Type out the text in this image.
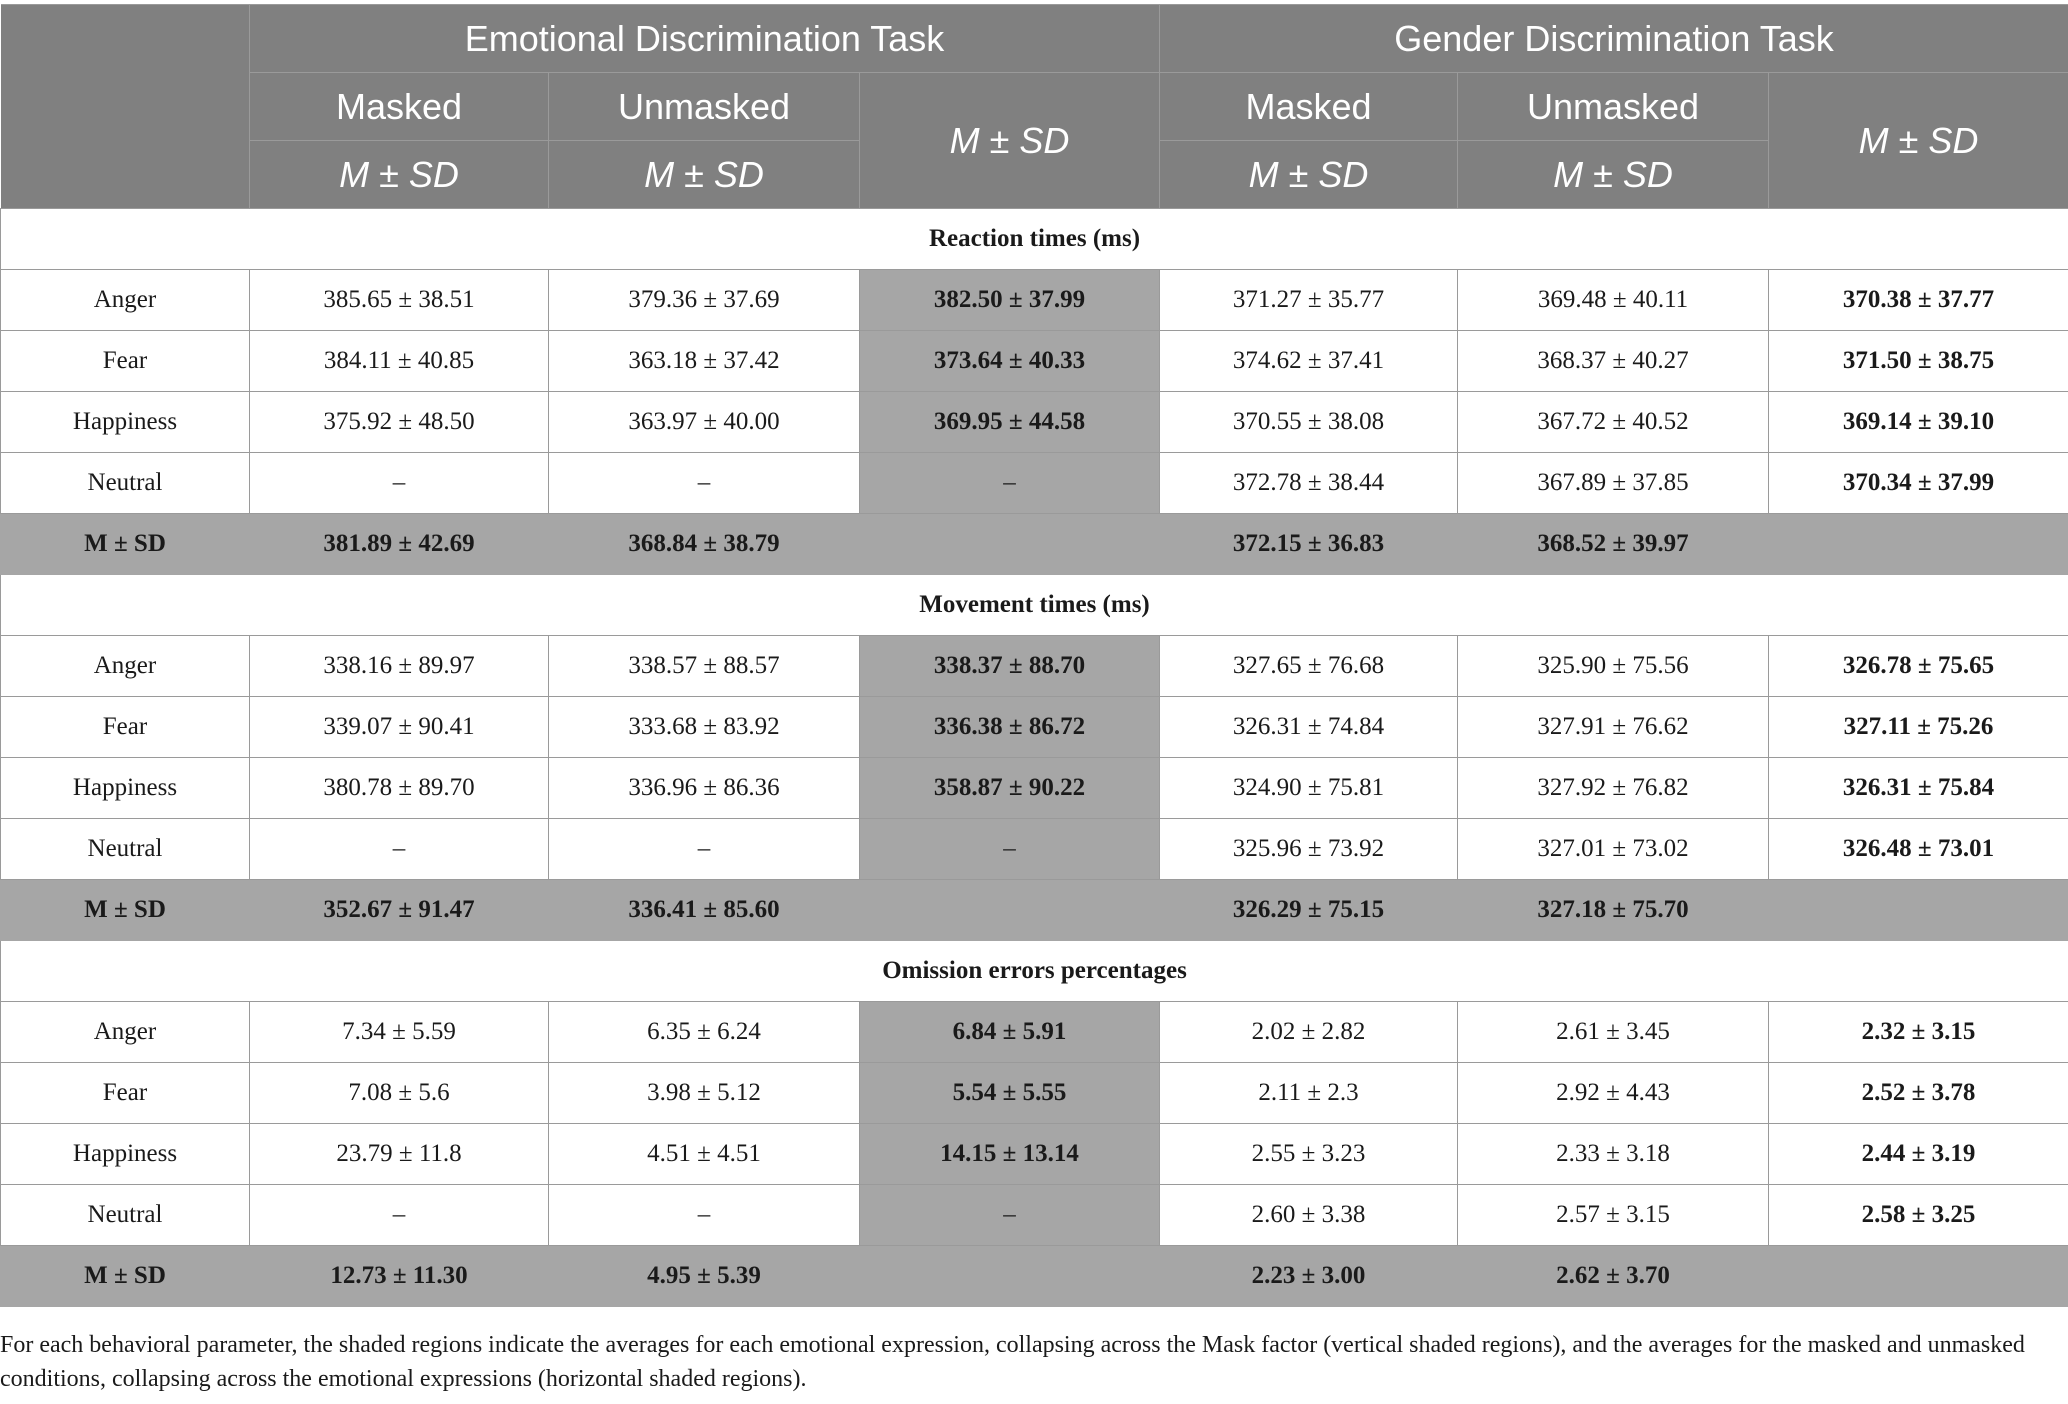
	Emotional Discrimination Task			Gender Discrimination Task		
	Masked	Unmasked	M ± SD	Masked	Unmasked	M ± SD
	M ± SD	M ± SD		M ± SD	M ± SD	
Reaction times (ms)						
Anger	385.65 ± 38.51	379.36 ± 37.69	382.50 ± 37.99	371.27 ± 35.77	369.48 ± 40.11	370.38 ± 37.77
Fear	384.11 ± 40.85	363.18 ± 37.42	373.64 ± 40.33	374.62 ± 37.41	368.37 ± 40.27	371.50 ± 38.75
Happiness	375.92 ± 48.50	363.97 ± 40.00	369.95 ± 44.58	370.55 ± 38.08	367.72 ± 40.52	369.14 ± 39.10
Neutral	–	–	–	372.78 ± 38.44	367.89 ± 37.85	370.34 ± 37.99
M ± SD	381.89 ± 42.69	368.84 ± 38.79		372.15 ± 36.83	368.52 ± 39.97	
Movement times (ms)						
Anger	338.16 ± 89.97	338.57 ± 88.57	338.37 ± 88.70	327.65 ± 76.68	325.90 ± 75.56	326.78 ± 75.65
Fear	339.07 ± 90.41	333.68 ± 83.92	336.38 ± 86.72	326.31 ± 74.84	327.91 ± 76.62	327.11 ± 75.26
Happiness	380.78 ± 89.70	336.96 ± 86.36	358.87 ± 90.22	324.90 ± 75.81	327.92 ± 76.82	326.31 ± 75.84
Neutral	–	–	–	325.96 ± 73.92	327.01 ± 73.02	326.48 ± 73.01
M ± SD	352.67 ± 91.47	336.41 ± 85.60		326.29 ± 75.15	327.18 ± 75.70	
Omission errors percentages						
Anger	7.34 ± 5.59	6.35 ± 6.24	6.84 ± 5.91	2.02 ± 2.82	2.61 ± 3.45	2.32 ± 3.15
Fear	7.08 ± 5.6	3.98 ± 5.12	5.54 ± 5.55	2.11 ± 2.3	2.92 ± 4.43	2.52 ± 3.78
Happiness	23.79 ± 11.8	4.51 ± 4.51	14.15 ± 13.14	2.55 ± 3.23	2.33 ± 3.18	2.44 ± 3.19
Neutral	–	–	–	2.60 ± 3.38	2.57 ± 3.15	2.58 ± 3.25
M ± SD	12.73 ± 11.30	4.95 ± 5.39		2.23 ± 3.00	2.62 ± 3.70	
For each behavioral parameter, the shaded regions indicate the averages for each emotional expression, collapsing across the Mask factor (vertical shaded regions), and the averages for the masked and unmasked conditions, collapsing across the emotional expressions (horizontal shaded regions).
